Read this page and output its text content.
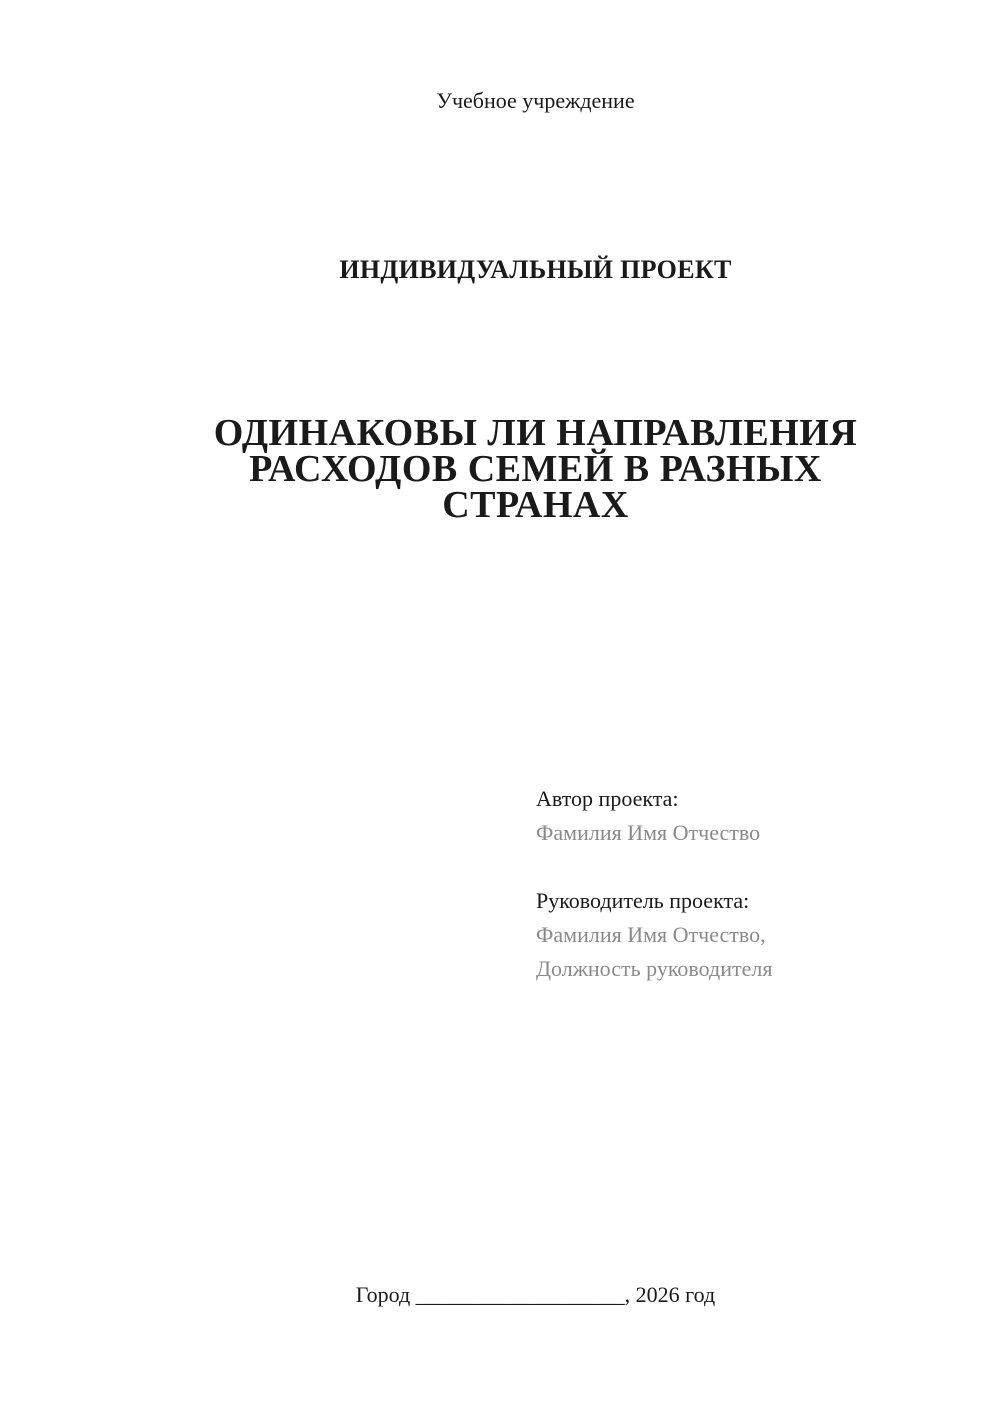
Учебное учреждение
ИНДИВИДУАЛЬНЫЙ ПРОЕКТ
ОДИНАКОВЫ ЛИ НАПРАВЛЕНИЯ
РАСХОДОВ СЕМЕЙ В РАЗНЫХ
СТРАНАХ
Автор проекта:
Фамилия Имя Отчество
Руководитель проекта:
Фамилия Имя Отчество,
Должность руководителя
Город ___________________, 2026 год
